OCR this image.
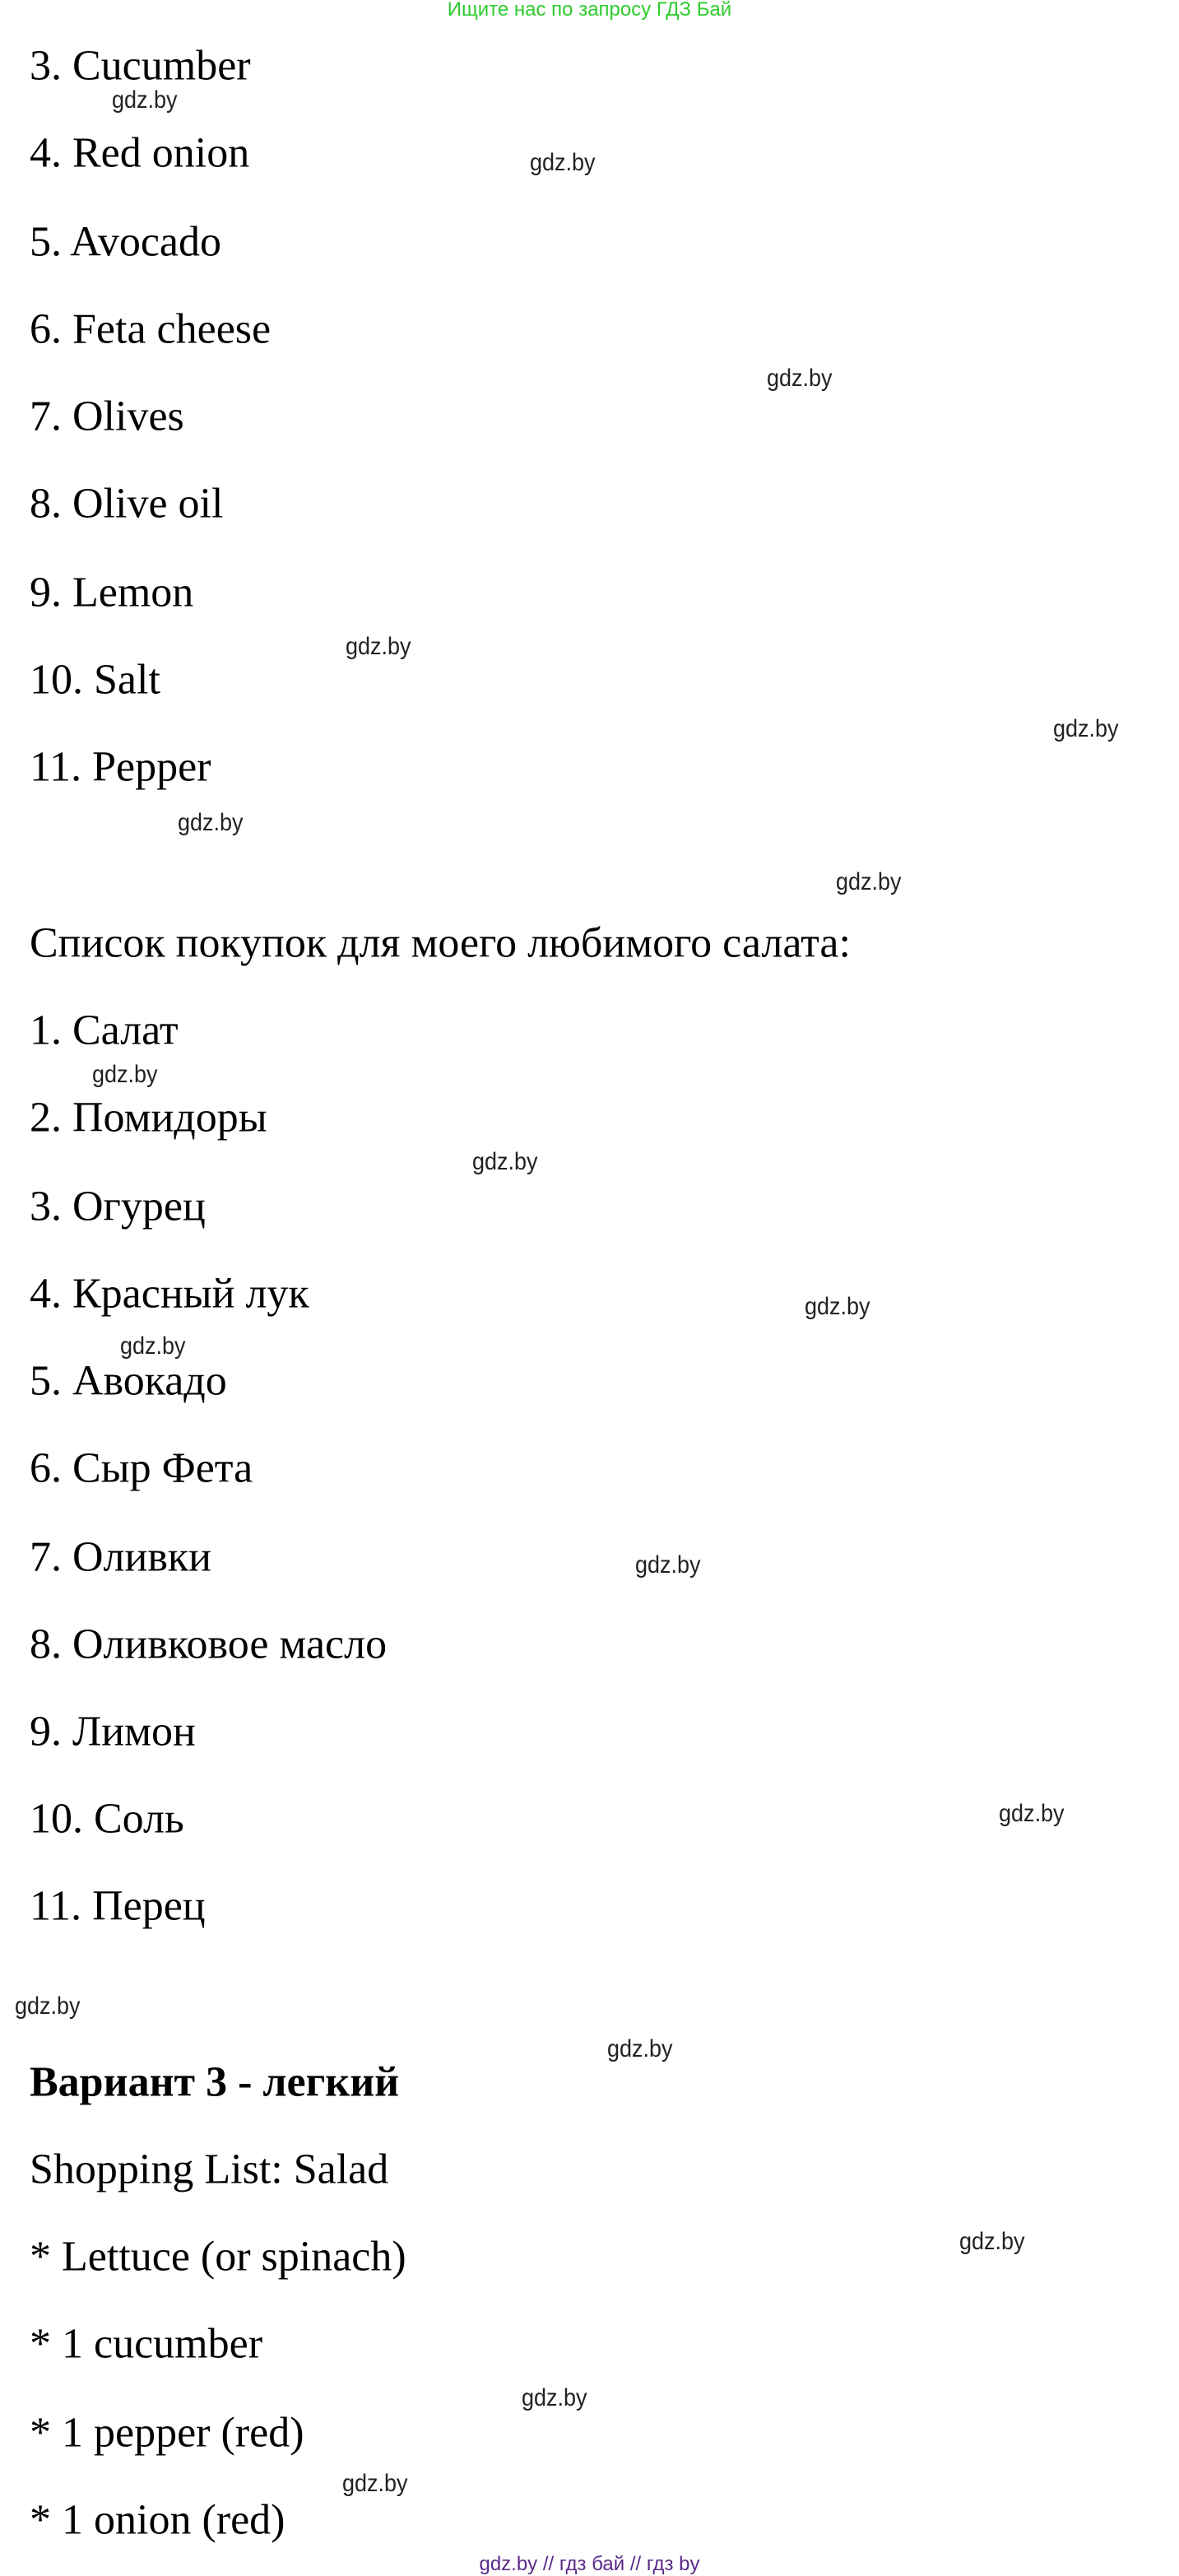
Ищите нас по запросу ГДЗ Бай
3. Cucumber
4. Red onion
5. Avocado
6. Feta cheese
7. Olives
8. Olive oil
9. Lemon
10. Salt
11. Pepper
Список покупок для моего любимого салата:
1. Салат
2. Помидоры
3. Огурец
4. Красный лук
5. Авокадо
6. Сыр Фета
7. Оливки
8. Оливковое масло
9. Лимон
10. Соль
11. Перец
Вариант 3 - легкий
Shopping List: Salad
* Lettuce (or spinach)
* 1 cucumber
* 1 pepper (red)
* 1 onion (red)
gdz.by
gdz.by
gdz.by
gdz.by
gdz.by
gdz.by
gdz.by
gdz.by
gdz.by
gdz.by
gdz.by
gdz.by
gdz.by
gdz.by
gdz.by
gdz.by
gdz.by
gdz.by
gdz.by // гдз бай // гдз by
